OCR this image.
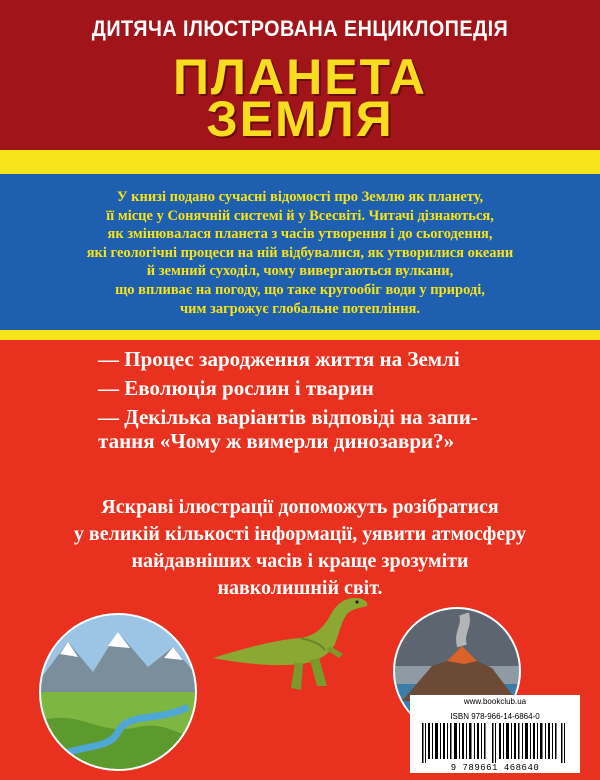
ДИТЯЧА ІЛЮСТРОВАНА ЕНЦИКЛОПЕДІЯ
ПЛАНЕТА
ЗЕМЛЯ
У книзі подано сучасні відомості про Землю як планету,
її місце у Сонячній системі й у Всесвіті. Читачі дізнаються,
як змінювалася планета з часів утворення і до сьогодення,
які геологічні процеси на ній відбувалися, як утворилися океани
й земний суходіл, чому вивергаються вулкани,
що впливає на погоду, що таке кругообіг води у природі,
чим загрожує глобальне потепління.

— Процес зародження життя на Землі

— Еволюція рослин і тварин

— Декілька варіантів відповіді на запи-

тання «Чому ж вимерли динозаври?»

Яскраві ілюстрації допоможуть розібратися
у великій кількості інформації, уявити атмосферу
найдавніших часів і краще зрозуміти
навколишній світ.
www.bookclub.ua
ISBN 978-966-14-6864-0
9 789661 468640
